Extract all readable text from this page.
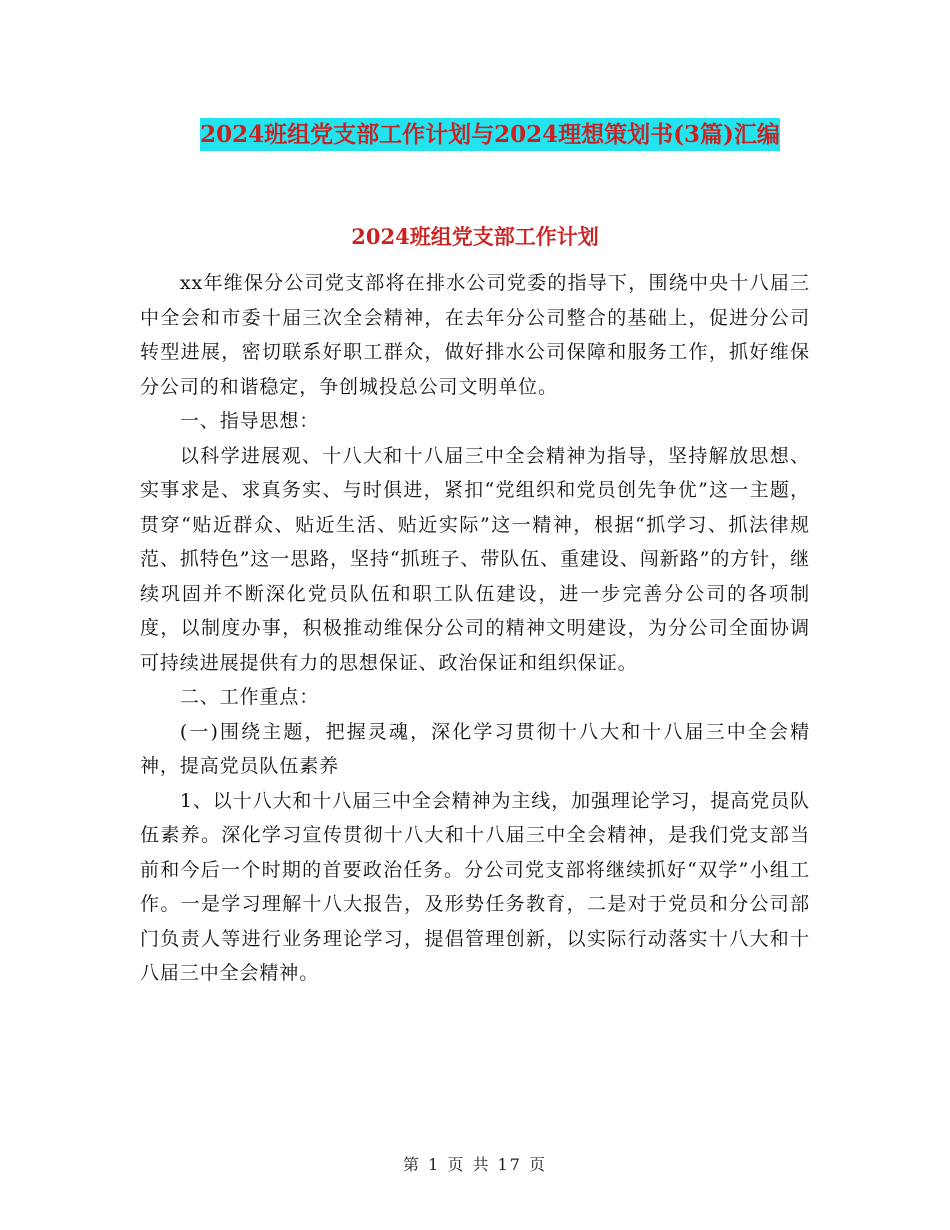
2024班组党支部工作计划与2024理想策划书(3篇)汇编
2024班组党支部工作计划

xx年维保分公司党支部将在排水公司党委的指导下，围绕中央十八届三中全会和市委十届三次全会精神，在去年分公司整合的基础上，促进分公司转型进展，密切联系好职工群众，做好排水公司保障和服务工作，抓好维保分公司的和谐稳定，争创城投总公司文明单位。

一、指导思想：

以科学进展观、十八大和十八届三中全会精神为指导，坚持解放思想、实事求是、求真务实、与时俱进，紧扣“党组织和党员创先争优”这一主题，贯穿“贴近群众、贴近生活、贴近实际”这一精神，根据“抓学习、抓法律规范、抓特色”这一思路，坚持“抓班子、带队伍、重建设、闯新路”的方针，继续巩固并不断深化党员队伍和职工队伍建设，进一步完善分公司的各项制度，以制度办事，积极推动维保分公司的精神文明建设，为分公司全面协调可持续进展提供有力的思想保证、政治保证和组织保证。

二、工作重点：

(一)围绕主题，把握灵魂，深化学习贯彻十八大和十八届三中全会精神，提高党员队伍素养

1、以十八大和十八届三中全会精神为主线，加强理论学习，提高党员队伍素养。深化学习宣传贯彻十八大和十八届三中全会精神，是我们党支部当前和今后一个时期的首要政治任务。分公司党支部将继续抓好“双学”小组工作。一是学习理解十八大报告，及形势任务教育，二是对于党员和分公司部门负责人等进行业务理论学习，提倡管理创新，以实际行动落实十八大和十八届三中全会精神。

第 1 页 共 17 页
